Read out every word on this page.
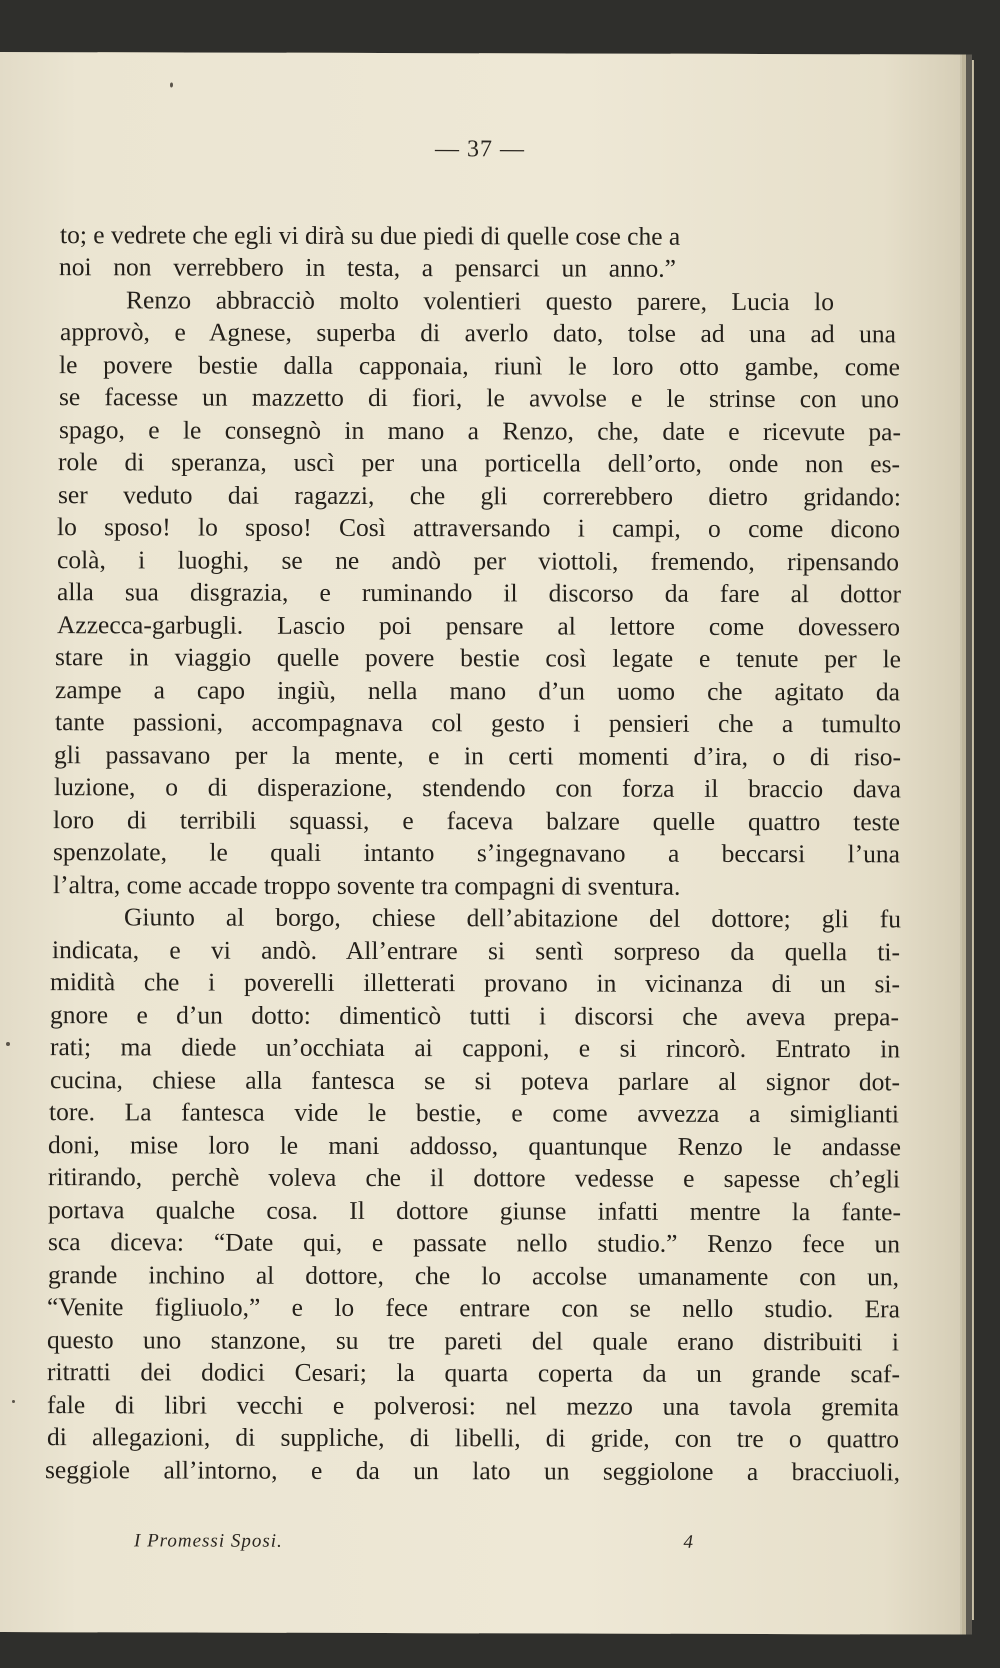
— 37 —
to; e vedrete che egli vi dirà su due piedi di quelle cose che a
noi non verrebbero in testa, a pensarci un anno.”
Renzo abbracciò molto volentieri questo parere, Lucia lo
approvò, e Agnese, superba di averlo dato, tolse ad una ad una
le povere bestie dalla capponaia, riunì le loro otto gambe, come
se facesse un mazzetto di fiori, le avvolse e le strinse con uno
spago, e le consegnò in mano a Renzo, che, date e ricevute pa-
role di speranza, uscì per una porticella dell’orto, onde non es-
ser veduto dai ragazzi, che gli correrebbero dietro gridando:
lo sposo! lo sposo! Così attraversando i campi, o come dicono
colà, i luoghi, se ne andò per viottoli, fremendo, ripensando
alla sua disgrazia, e ruminando il discorso da fare al dottor
Azzecca-garbugli. Lascio poi pensare al lettore come dovessero
stare in viaggio quelle povere bestie così legate e tenute per le
zampe a capo ingiù, nella mano d’un uomo che agitato da
tante passioni, accompagnava col gesto i pensieri che a tumulto
gli passavano per la mente, e in certi momenti d’ira, o di riso-
luzione, o di disperazione, stendendo con forza il braccio dava
loro di terribili squassi, e faceva balzare quelle quattro teste
spenzolate, le quali intanto s’ingegnavano a beccarsi l’una
l’altra, come accade troppo sovente tra compagni di sventura.
Giunto al borgo, chiese dell’abitazione del dottore; gli fu
indicata, e vi andò. All’entrare si sentì sorpreso da quella ti-
midità che i poverelli illetterati provano in vicinanza di un si-
gnore e d’un dotto: dimenticò tutti i discorsi che aveva prepa-
rati; ma diede un’occhiata ai capponi, e si rincorò. Entrato in
cucina, chiese alla fantesca se si poteva parlare al signor dot-
tore. La fantesca vide le bestie, e come avvezza a simiglianti
doni, mise loro le mani addosso, quantunque Renzo le andasse
ritirando, perchè voleva che il dottore vedesse e sapesse ch’egli
portava qualche cosa. Il dottore giunse infatti mentre la fante-
sca diceva: “Date qui, e passate nello studio.” Renzo fece un
grande inchino al dottore, che lo accolse umanamente con un,
“Venite figliuolo,” e lo fece entrare con se nello studio. Era
questo uno stanzone, su tre pareti del quale erano distribuiti i
ritratti dei dodici Cesari; la quarta coperta da un grande scaf-
fale di libri vecchi e polverosi: nel mezzo una tavola gremita
di allegazioni, di suppliche, di libelli, di gride, con tre o quattro
seggiole all’intorno, e da un lato un seggiolone a bracciuoli,
I Promessi Sposi.	4
